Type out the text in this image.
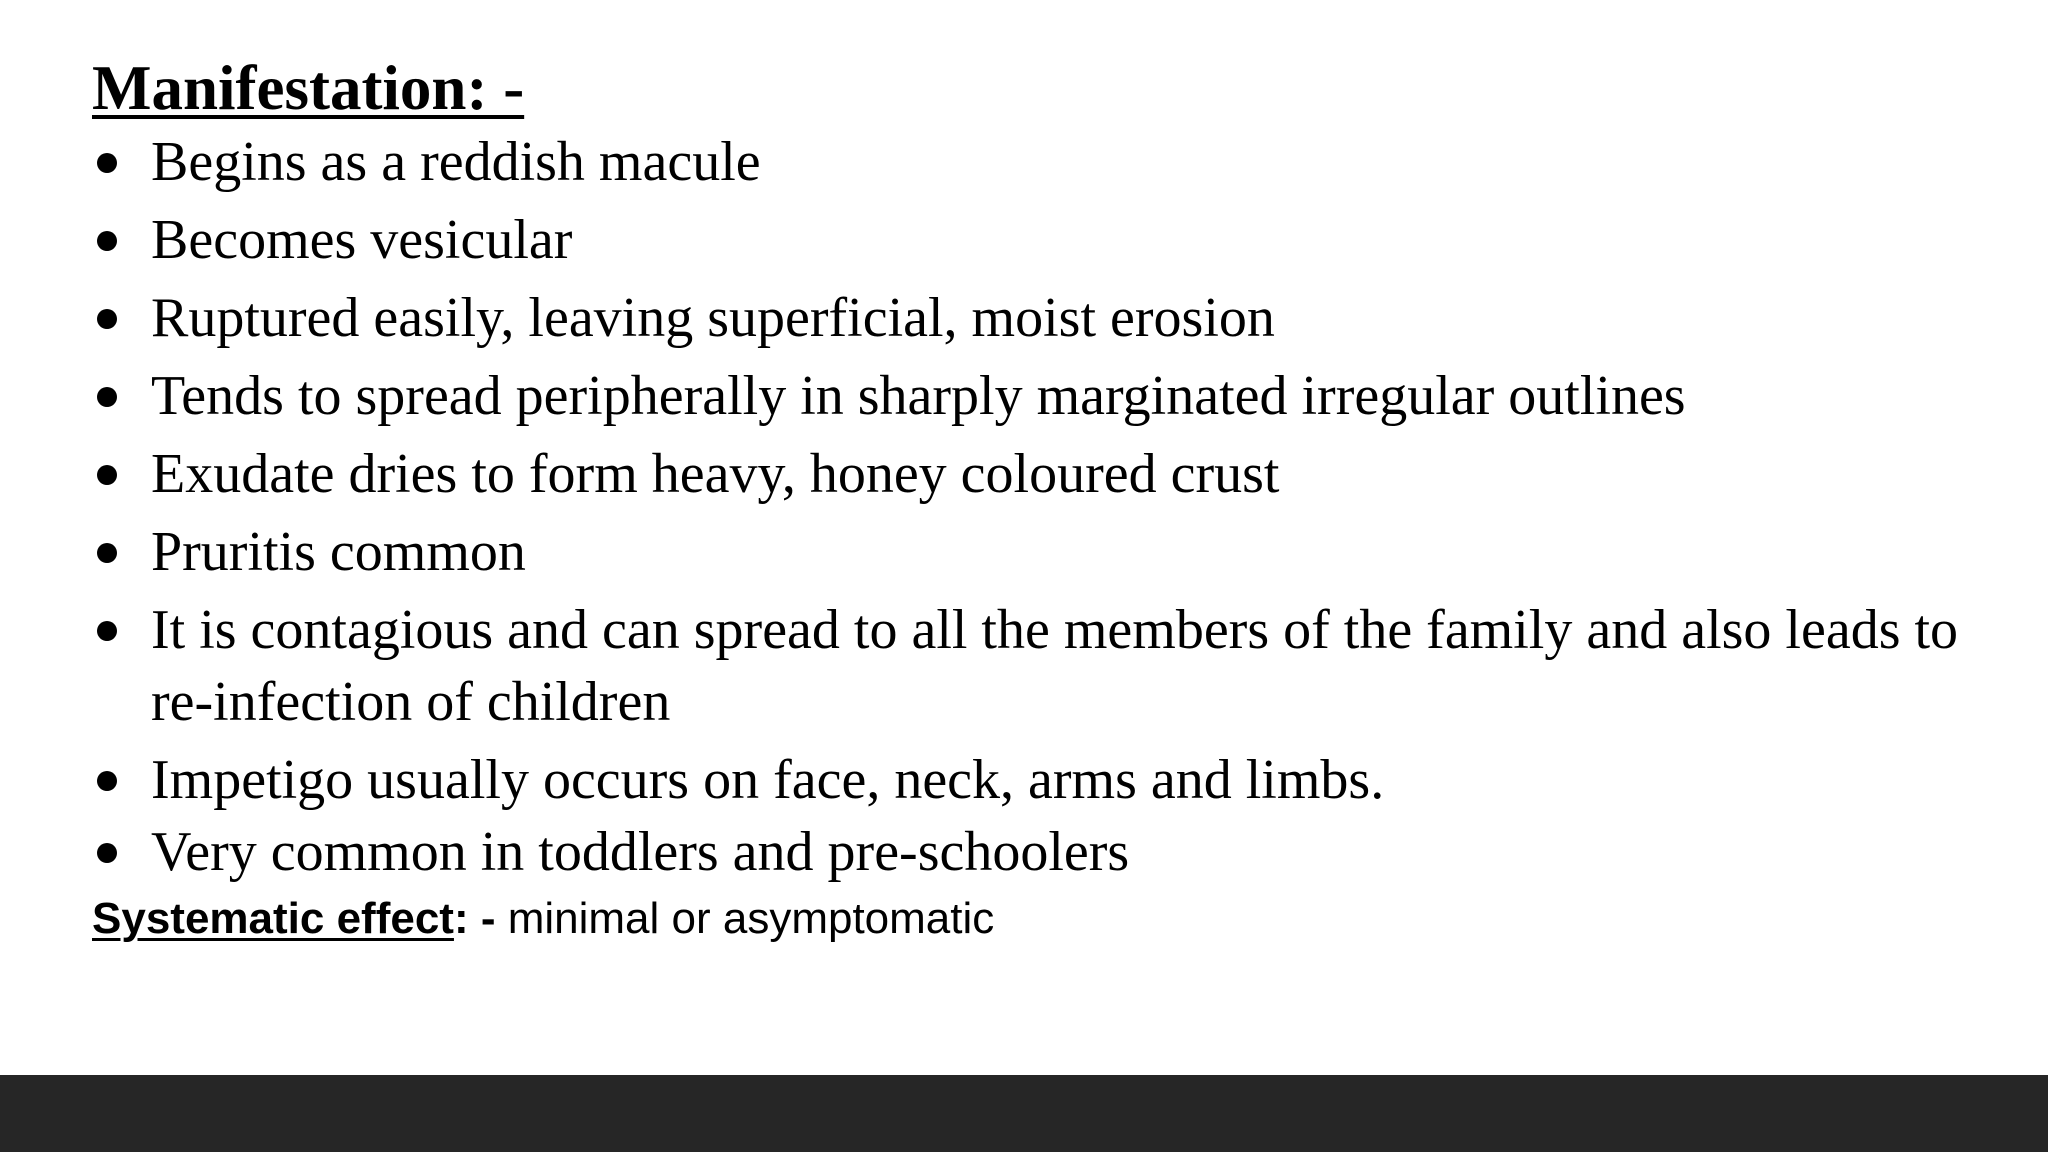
Manifestation: -
Begins as a reddish macule
Becomes vesicular
Ruptured easily, leaving superficial, moist erosion
Tends to spread peripherally in sharply marginated irregular outlines
Exudate dries to form heavy, honey coloured crust
Pruritis common
It is contagious and can spread to all the members of the family and also leads to re-infection of children
Impetigo usually occurs on face, neck, arms and limbs.
Very common in toddlers and pre-schoolers
Systematic effect: - minimal or asymptomatic
